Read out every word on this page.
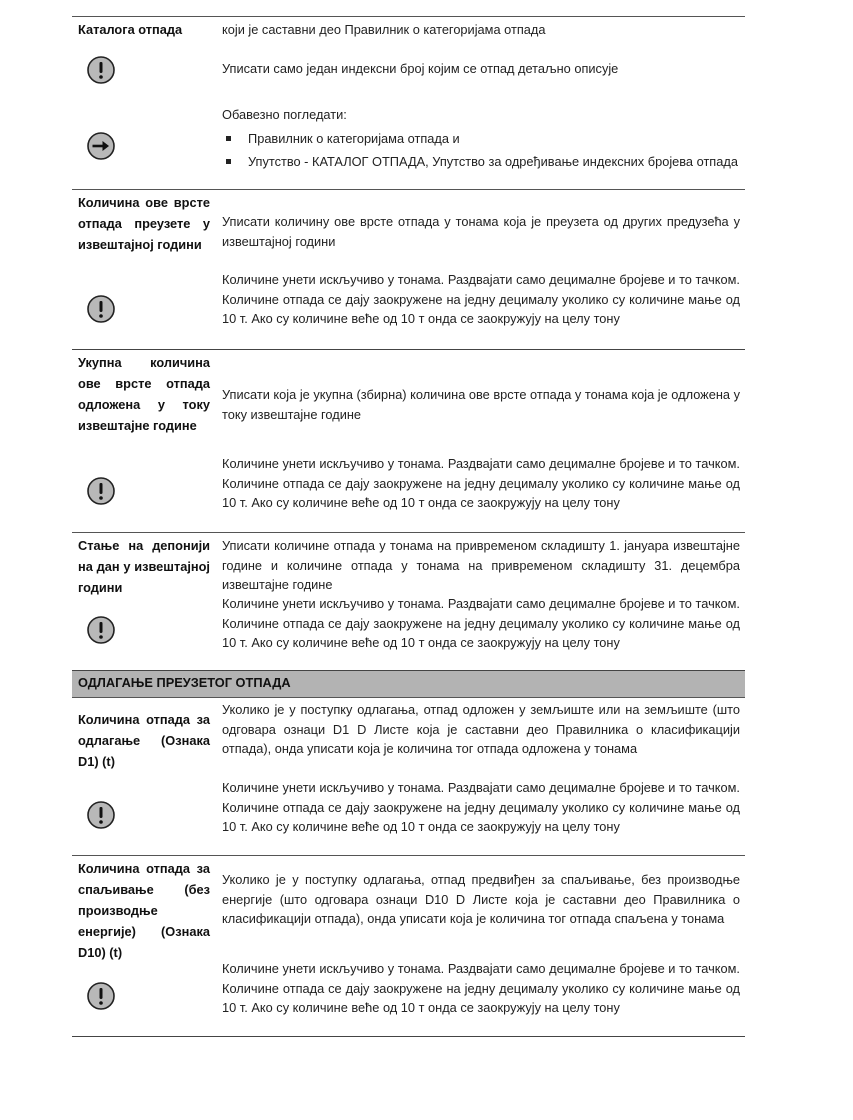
Каталога отпада	који је саставни део Правилник о категоријама отпада
Уписати само један индексни број којим се отпад детаљно описује
Обавезно погледати:
Правилник о категоријама отпада и
Упутство - КАТАЛОГ ОТПАДА, Упутство за одређивање индексних бројева отпада
Количина ове врсте отпада преузете у извештајној години
Уписати количину ове врсте отпада у тонама која је преузета од других предузећа у извештајној години
Количине унети искључиво у тонама. Раздвајати само децималне бројеве и то тачком. Количине отпада се дају заокружене на једну децималу уколико су количине мање од 10 т. Ако су количине веће од 10 т онда се заокружују на целу тону
Укупна количина ове врсте отпада одложена у току извештајне године
Уписати која је укупна (збирна) количина ове врсте отпада у тонама која је одложена у току извештајне године
Количине унети искључиво у тонама. Раздвајати само децималне бројеве и то тачком. Количине отпада се дају заокружене на једну децималу уколико су количине мање од 10 т. Ако су количине веће од 10 т онда се заокружују на целу тону
Стање на депонији на дан у извештајној години
Уписати количине отпада у тонама на привременом складишту 1. јануара извештајне године и количине отпада у тонама на привременом складишту 31. децембра извештајне године
Количине унети искључиво у тонама. Раздвајати само децималне бројеве и то тачком. Количине отпада се дају заокружене на једну децималу уколико су количине мање од 10 т. Ако су количине веће од 10 т онда се заокружују на целу тону
ОДЛАГАЊЕ ПРЕУЗЕТОГ ОТПАДА
Количина отпада за одлагање (Ознака D1) (t)
Уколико је у поступку одлагања, отпад одложен у земљиште или на земљиште (што одговара ознаци D1 D Листе која је саставни део Правилника о класификацији отпада), онда уписати која је количина тог отпада одложена у тонама
Количине унети искључиво у тонама. Раздвајати само децималне бројеве и то тачком. Количине отпада се дају заокружене на једну децималу уколико су количине мање од 10 т. Ако су количине веће од 10 т онда се заокружују на целу тону
Количина отпада за спаљивање (без производње енергије) (Ознака D10) (t)
Уколико је у поступку одлагања, отпад предвиђен за спаљивање, без производње енергије (што одговара ознаци D10 D Листе која је саставни део Правилника о класификацији отпада), онда уписати која је количина тог отпада спаљена у тонама
Количине унети искључиво у тонама. Раздвајати само децималне бројеве и то тачком. Количине отпада се дају заокружене на једну децималу уколико су количине мање од 10 т. Ако су количине веће од 10 т онда се заокружују на целу тону
